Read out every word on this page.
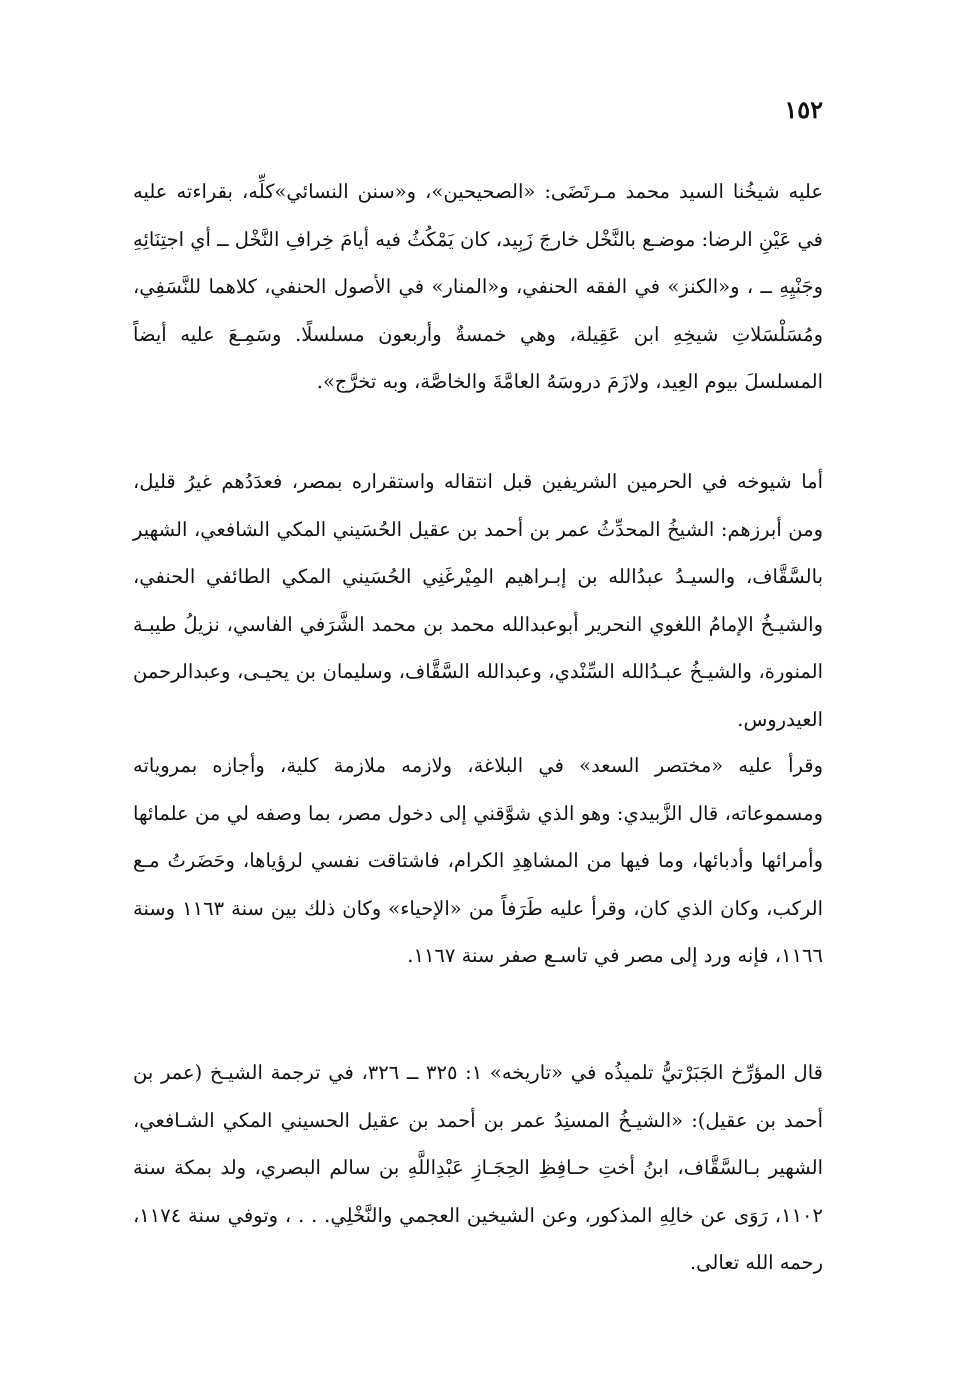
١٥٢

عليه شيخُنا السيد محمد مـرتَضَى: «الصحيحين»، و«سنن النسائي»كلِّه، بقراءته عليه في عَيْنِ الرضا: موضـع بالنَّخْل خارجَ زَبِيد، كان يَمْكُثُ فيه أيامَ خِرافِ النَّخْل ــ أي اجتِنَائِهِ وجَنْيِهِ ــ ، و«الكنز» في الفقه الحنفي، و«المنار» في الأصول الحنفي، كلاهما للنَّسَفِي، ومُسَلْسَلاتِ شيخِهِ ابن عَقِيلة، وهي خمسةٌ وأربعون مسلسلًا. وسَمِـعَ عليه أيضاً المسلسلَ بيوم العِيد، ولازَمَ دروسَهُ العامَّةَ والخاصَّة، وبه تخرَّج».

أما شيوخه في الحرمين الشريفين قبل انتقاله واستقراره بمصر، فعدَدُهم غيرُ قليل، ومن أبرزهم: الشيخُ المحدِّثُ عمر بن أحمد بن عقيل الحُسَيني المكي الشافعي، الشهير بالسَّقَّاف، والسيـدُ عبدُالله بن إبـراهيم المِيْرغَنِي الحُسَيني المكي الطائفي الحنفي، والشيـخُ الإمامُ اللغوي النحرير أبوعبدالله محمد بن محمد الشَّرَفي الفاسي، نزيلُ طيبـة المنورة، والشيـخُ عبـدُالله السِّنْدي، وعبدالله السَّقَّاف، وسليمان بن يحيـى، وعبدالرحمن العيدروس.

وقرأ عليه «مختصر السعد» في البلاغة، ولازمه ملازمة كلية، وأجازه بمروياته ومسموعاته، قال الزَّبيدي: وهو الذي شوَّقني إلى دخول مصر، بما وصفه لي من علمائها وأمرائها وأدبائها، وما فيها من المشاهِدِ الكرام، فاشتاقت نفسي لرؤياها، وحَضَرتُ مـع الركب، وكان الذي كان، وقرأ عليه طَرَفاً من «الإحياء» وكان ذلك بين سنة ١١٦٣ وسنة ١١٦٦، فإنه ورد إلى مصر في تاسـع صفر سنة ١١٦٧.

قال المؤرِّخ الجَبَرْتيُّ تلميذُه في «تاريخه» ١: ٣٢٥ ــ ٣٢٦، في ترجمة الشيـخ (عمر بن أحمد بن عقيل): «الشيـخُ المسنِدُ عمر بن أحمد بن عقيل الحسيني المكي الشـافعي، الشهير بـالسَّقَّاف، ابنُ أختِ حـافِظِ الحِجَـازِ عَبْدِاللَّهِ بن سالم البصري، ولد بمكة سنة ١١٠٢، رَوَى عن خالِهِ المذكور، وعن الشيخين العجمي والنَّخْلِي. . . ، وتوفي سنة ١١٧٤، رحمه الله تعالى.
